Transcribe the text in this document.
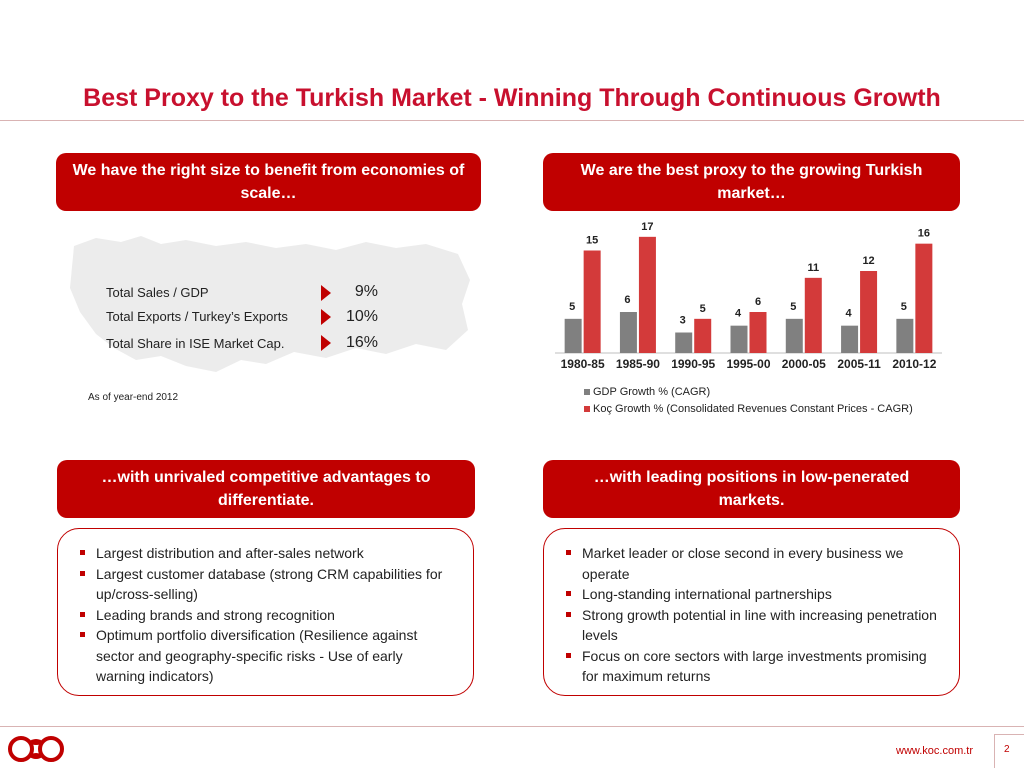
Best Proxy to the Turkish Market - Winning Through Continuous Growth
We have the right size to benefit from economies of scale…
Total Sales / GDP	9%
Total Exports / Turkey’s Exports	10%
Total Share in ISE Market Cap.	16%
As of year-end 2012
We are the best proxy to the growing Turkish market…
5
15
1980-85
6
17
1985-90
3
5
1990-95
4
6
1995-00
5
11
2000-05
4
12
2005-11
5
16
2010-12
GDP Growth % (CAGR)
Koç Growth % (Consolidated Revenues Constant Prices - CAGR)
…with unrivaled competitive advantages to differentiate.
Largest distribution and after-sales network
Largest customer database (strong CRM capabilities for up/cross-selling)
Leading brands and strong recognition
Optimum portfolio diversification (Resilience against sector and geography-specific risks - Use of early warning indicators)
…with leading positions in low-penerated markets.
Market leader or close second in every business we operate
Long-standing international partnerships
Strong growth potential in line with increasing penetration levels
Focus on core sectors with large investments promising for maximum returns
www.koc.com.tr	2
